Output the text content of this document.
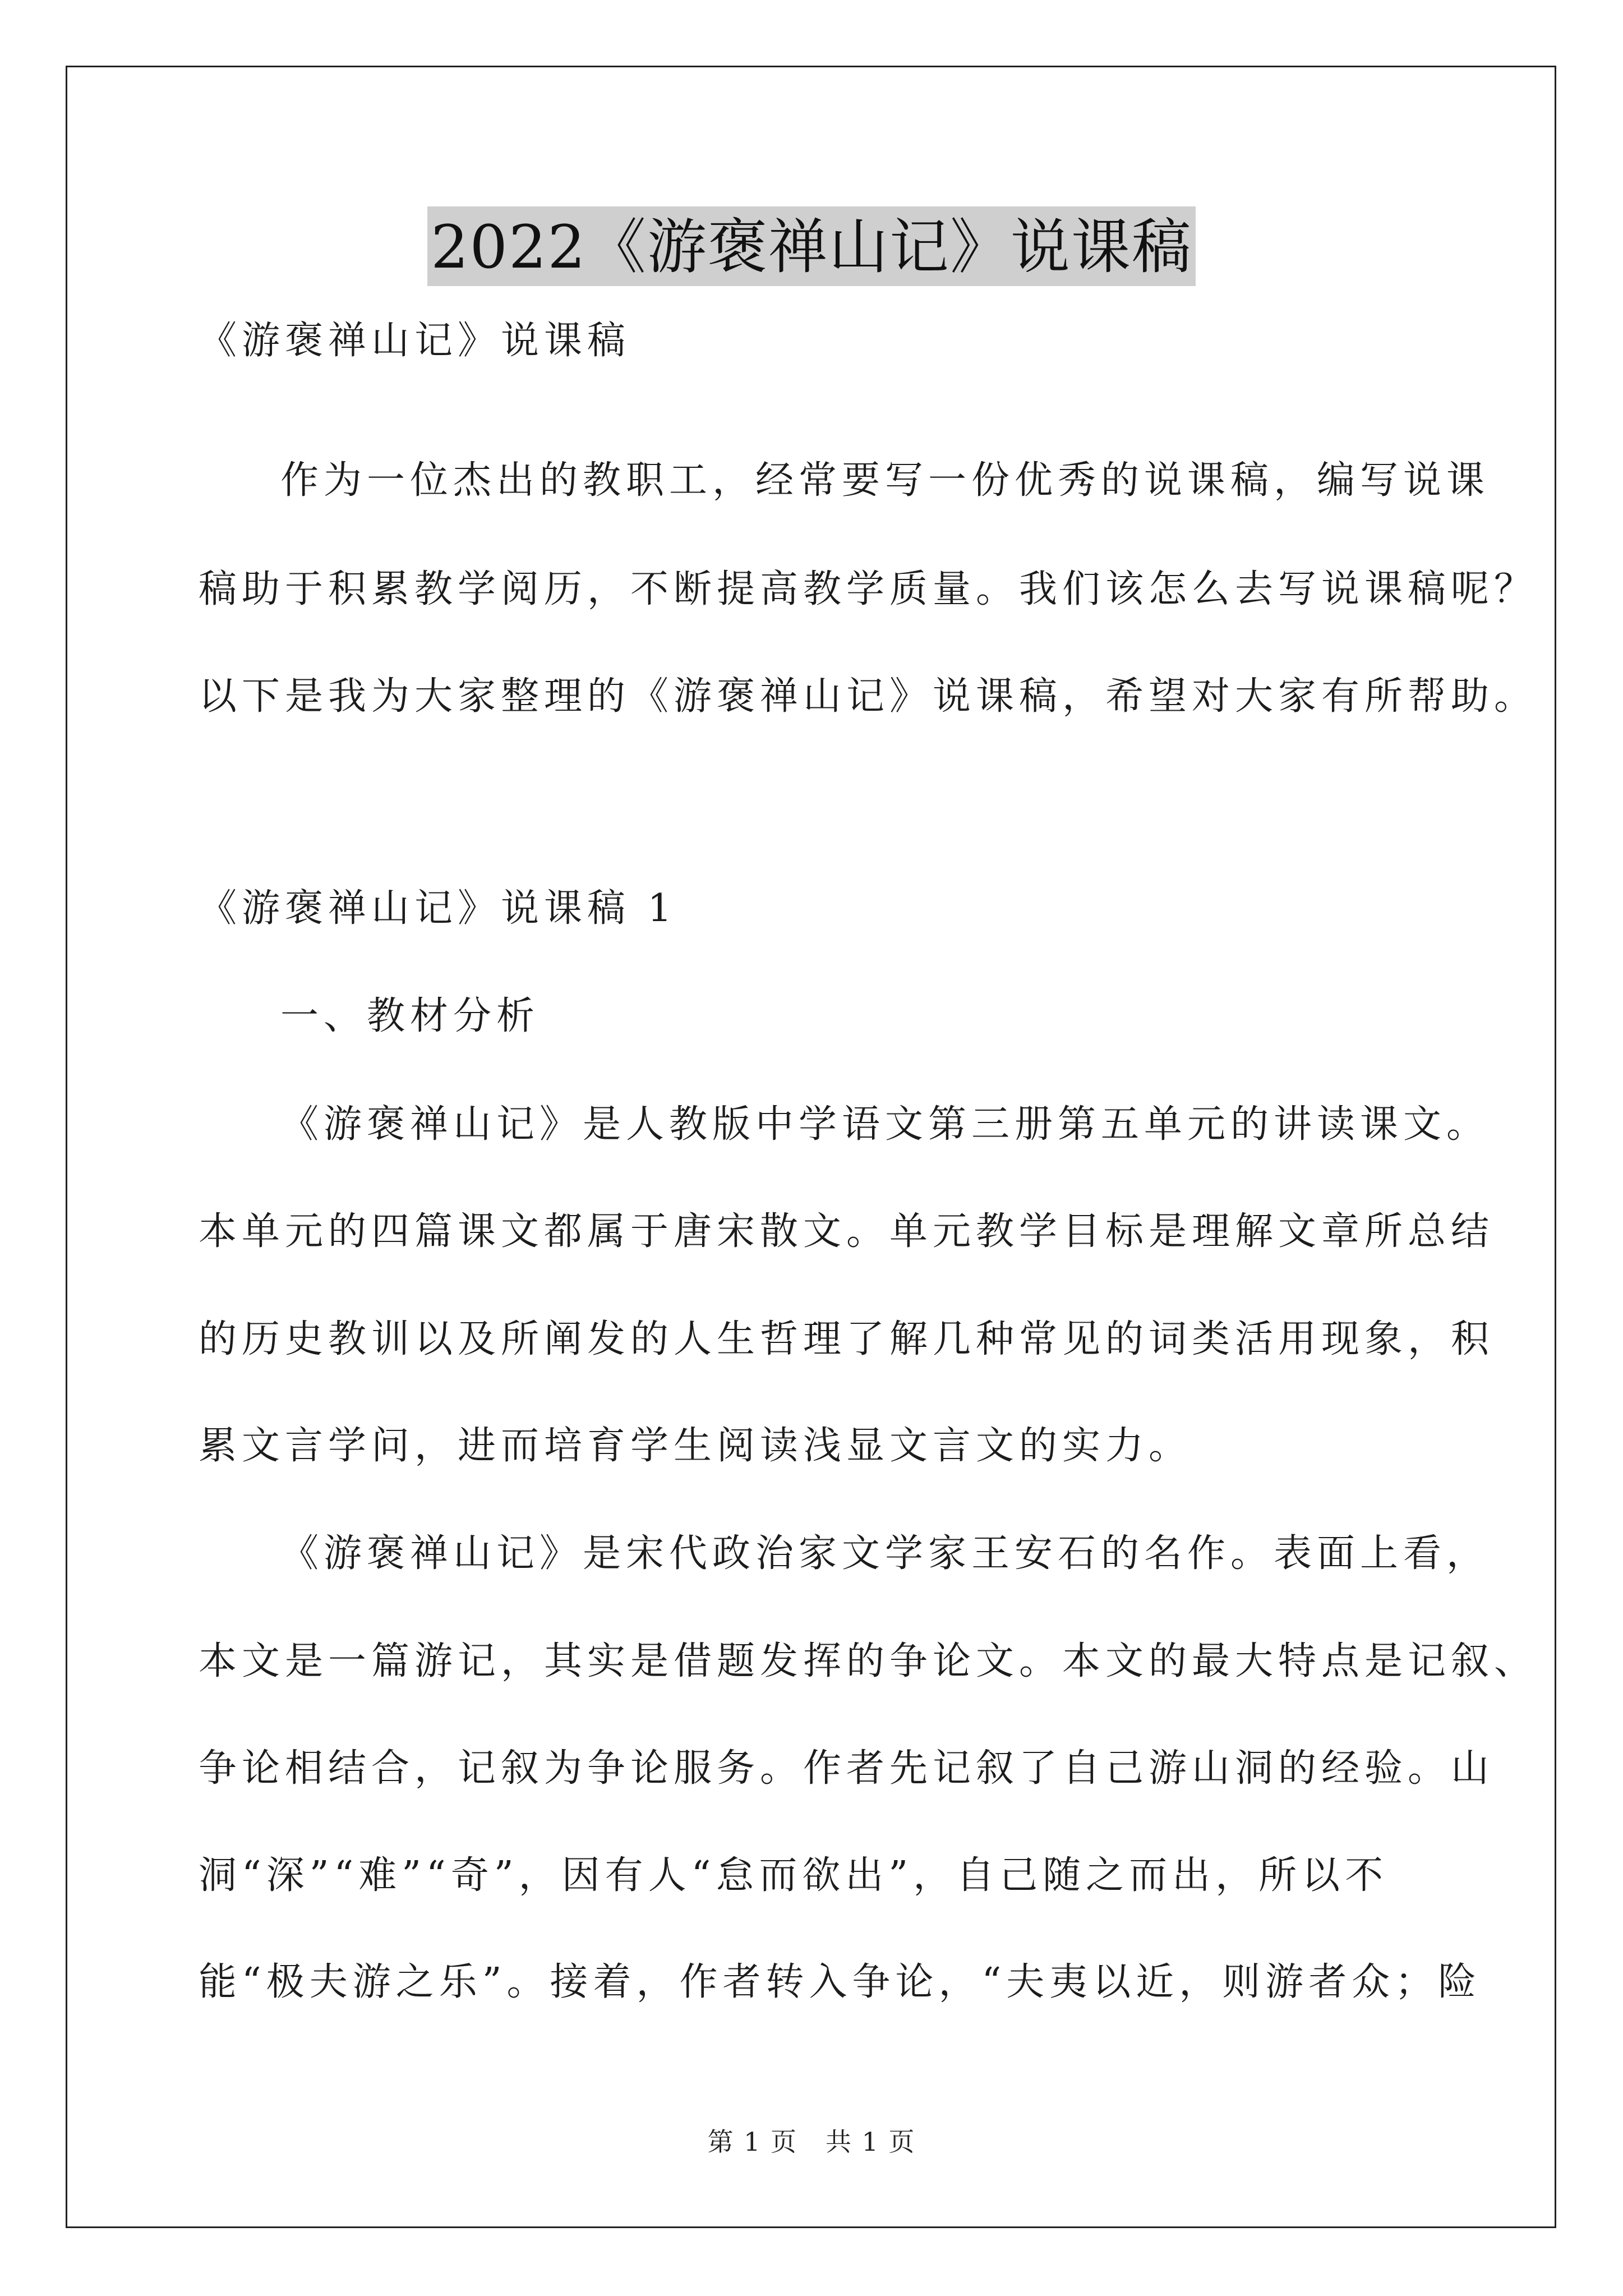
2022《游褒禅山记》说课稿
《游褒禅山记》说课稿
作为一位杰出的教职工，经常要写一份优秀的说课稿，编写说课
稿助于积累教学阅历，不断提高教学质量。我们该怎么去写说课稿呢？
以下是我为大家整理的《游褒禅山记》说课稿，希望对大家有所帮助。
《游褒禅山记》说课稿 1
一、教材分析
《游褒禅山记》是人教版中学语文第三册第五单元的讲读课文。
本单元的四篇课文都属于唐宋散文。单元教学目标是理解文章所总结
的历史教训以及所阐发的人生哲理了解几种常见的词类活用现象，积
累文言学问，进而培育学生阅读浅显文言文的实力。
《游褒禅山记》是宋代政治家文学家王安石的名作。表面上看，
本文是一篇游记，其实是借题发挥的争论文。本文的最大特点是记叙、
争论相结合，记叙为争论服务。作者先记叙了自己游山洞的经验。山
洞“深”“难”“奇”，因有人“怠而欲出”，自己随之而出，所以不
能“极夫游之乐”。接着，作者转入争论，“夫夷以近，则游者众；险
第 1 页 共 1 页
